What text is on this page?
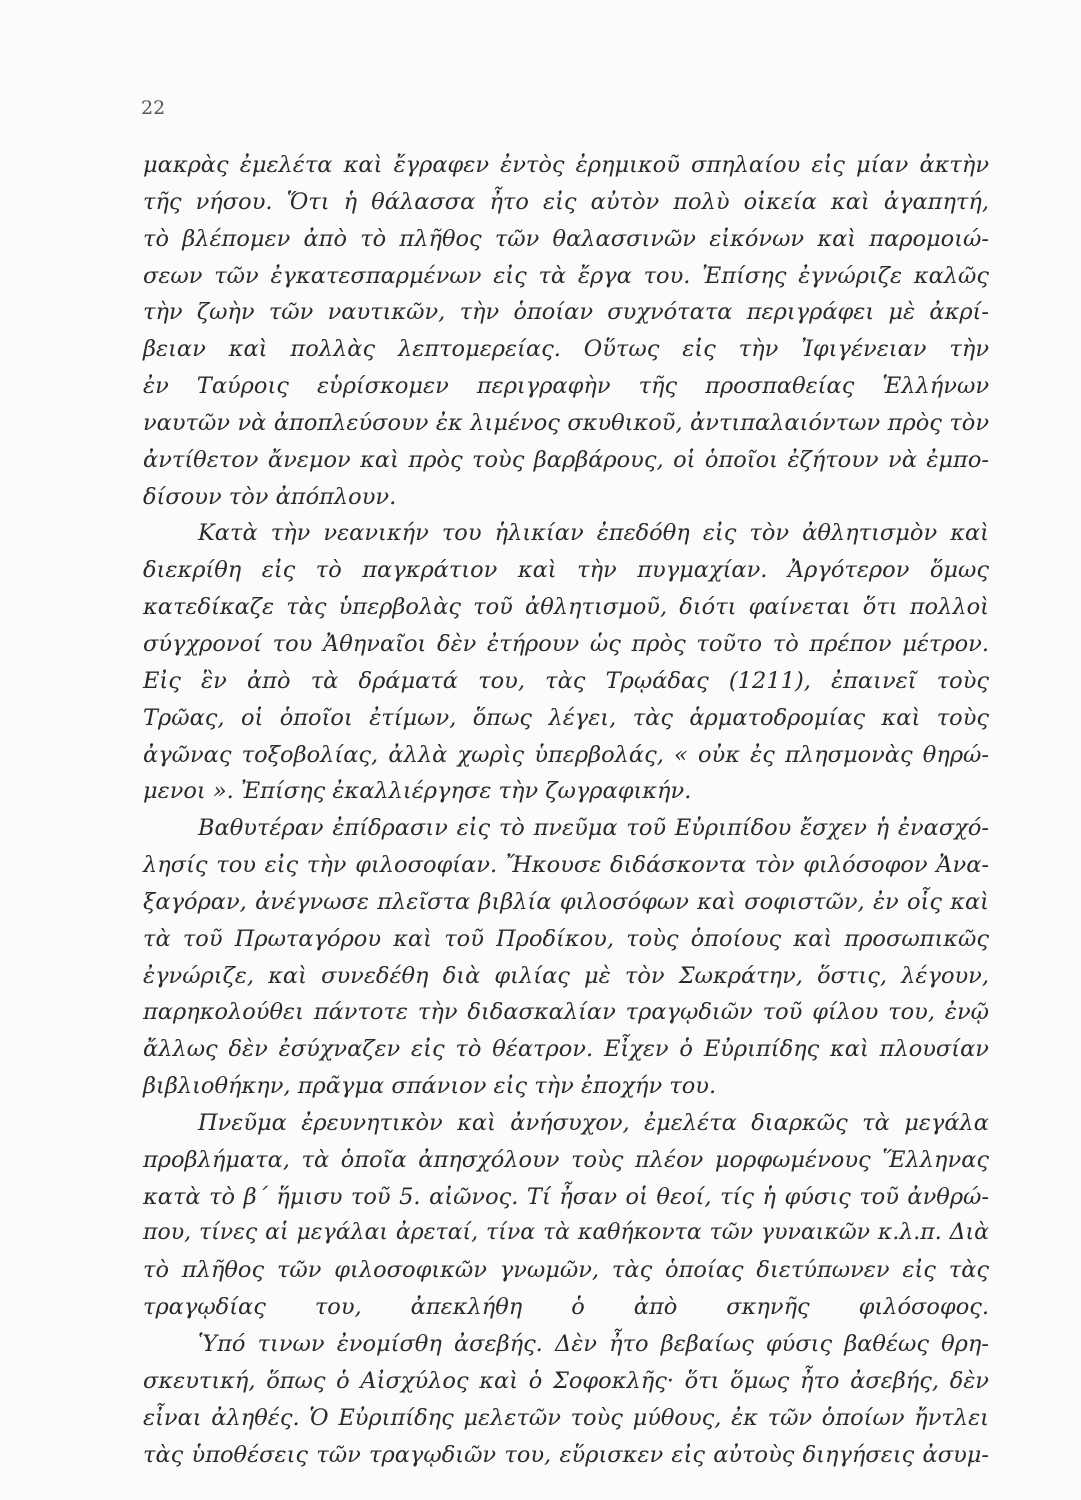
22
μακρὰς ἐμελέτα καὶ ἔγραφεν ἐντὸς ἐρημικοῦ σπηλαίου εἰς μίαν ἀκτὴν
τῆς νήσου. Ὅτι ἡ θάλασσα ἦτο εἰς αὐτὸν πολὺ οἰκεία καὶ ἀγαπητή,
τὸ βλέπομεν ἀπὸ τὸ πλῆθος τῶν θαλασσινῶν εἰκόνων καὶ παρομοιώ-
σεων τῶν ἐγκατεσπαρμένων εἰς τὰ ἔργα του. Ἐπίσης ἐγνώριζε καλῶς
τὴν ζωὴν τῶν ναυτικῶν, τὴν ὁποίαν συχνότατα περιγράφει μὲ ἀκρί-
βειαν καὶ πολλὰς λεπτομερείας. Οὕτως εἰς τὴν Ἰφιγένειαν τὴν
ἐν Ταύροις εὑρίσκομεν περιγραφὴν τῆς προσπαθείας Ἑλλήνων
ναυτῶν νὰ ἀποπλεύσουν ἐκ λιμένος σκυθικοῦ, ἀντιπαλαιόντων πρὸς τὸν
ἀντίθετον ἄνεμον καὶ πρὸς τοὺς βαρβάρους, οἱ ὁποῖοι ἐζήτουν νὰ ἐμπο-
δίσουν τὸν ἀπόπλουν.
Κατὰ τὴν νεανικήν του ἡλικίαν ἐπεδόθη εἰς τὸν ἀθλητισμὸν καὶ
διεκρίθη εἰς τὸ παγκράτιον καὶ τὴν πυγμαχίαν. Ἀργότερον ὅμως
κατεδίκαζε τὰς ὑπερβολὰς τοῦ ἀθλητισμοῦ, διότι φαίνεται ὅτι πολλοὶ
σύγχρονοί του Ἀθηναῖοι δὲν ἐτήρουν ὡς πρὸς τοῦτο τὸ πρέπον μέτρον.
Εἰς ἓν ἀπὸ τὰ δράματά του, τὰς Τρῳάδας (1211), ἐπαινεῖ τοὺς
Τρῶας, οἱ ὁποῖοι ἐτίμων, ὅπως λέγει, τὰς ἁρματοδρομίας καὶ τοὺς
ἀγῶνας τοξοβολίας, ἀλλὰ χωρὶς ὑπερβολάς, « οὐκ ἐς πλησμονὰς θηρώ-
μενοι ». Ἐπίσης ἐκαλλιέργησε τὴν ζωγραφικήν.
Βαθυτέραν ἐπίδρασιν εἰς τὸ πνεῦμα τοῦ Εὐριπίδου ἔσχεν ἡ ἐνασχό-
λησίς του εἰς τὴν φιλοσοφίαν. Ἤκουσε διδάσκοντα τὸν φιλόσοφον Ἀνα-
ξαγόραν, ἀνέγνωσε πλεῖστα βιβλία φιλοσόφων καὶ σοφιστῶν, ἐν οἷς καὶ
τὰ τοῦ Πρωταγόρου καὶ τοῦ Προδίκου, τοὺς ὁποίους καὶ προσωπικῶς
ἐγνώριζε, καὶ συνεδέθη διὰ φιλίας μὲ τὸν Σωκράτην, ὅστις, λέγουν,
παρηκολούθει πάντοτε τὴν διδασκαλίαν τραγῳδιῶν τοῦ φίλου του, ἐνῷ
ἄλλως δὲν ἐσύχναζεν εἰς τὸ θέατρον. Εἶχεν ὁ Εὐριπίδης καὶ πλουσίαν
βιβλιοθήκην, πρᾶγμα σπάνιον εἰς τὴν ἐποχήν του.
Πνεῦμα ἐρευνητικὸν καὶ ἀνήσυχον, ἐμελέτα διαρκῶς τὰ μεγάλα
προβλήματα, τὰ ὁποῖα ἀπησχόλουν τοὺς πλέον μορφωμένους Ἕλληνας
κατὰ τὸ β΄ ἥμισυ τοῦ 5. αἰῶνος. Τί ἦσαν οἱ θεοί, τίς ἡ φύσις τοῦ ἀνθρώ-
που, τίνες αἱ μεγάλαι ἀρεταί, τίνα τὰ καθήκοντα τῶν γυναικῶν κ.λ.π. Διὰ
τὸ πλῆθος τῶν φιλοσοφικῶν γνωμῶν, τὰς ὁποίας διετύπωνεν εἰς τὰς
τραγῳδίας του, ἀπεκλήθη ὁ ἀπὸ σκηνῆς φιλόσοφος.
Ὑπό τινων ἐνομίσθη ἀσεβής. Δὲν ἦτο βεβαίως φύσις βαθέως θρη-
σκευτική, ὅπως ὁ Αἰσχύλος καὶ ὁ Σοφοκλῆς· ὅτι ὅμως ἦτο ἀσεβής, δὲν
εἶναι ἀληθές. Ὁ Εὐριπίδης μελετῶν τοὺς μύθους, ἐκ τῶν ὁποίων ἤντλει
τὰς ὑποθέσεις τῶν τραγῳδιῶν του, εὕρισκεν εἰς αὐτοὺς διηγήσεις ἀσυμ-
